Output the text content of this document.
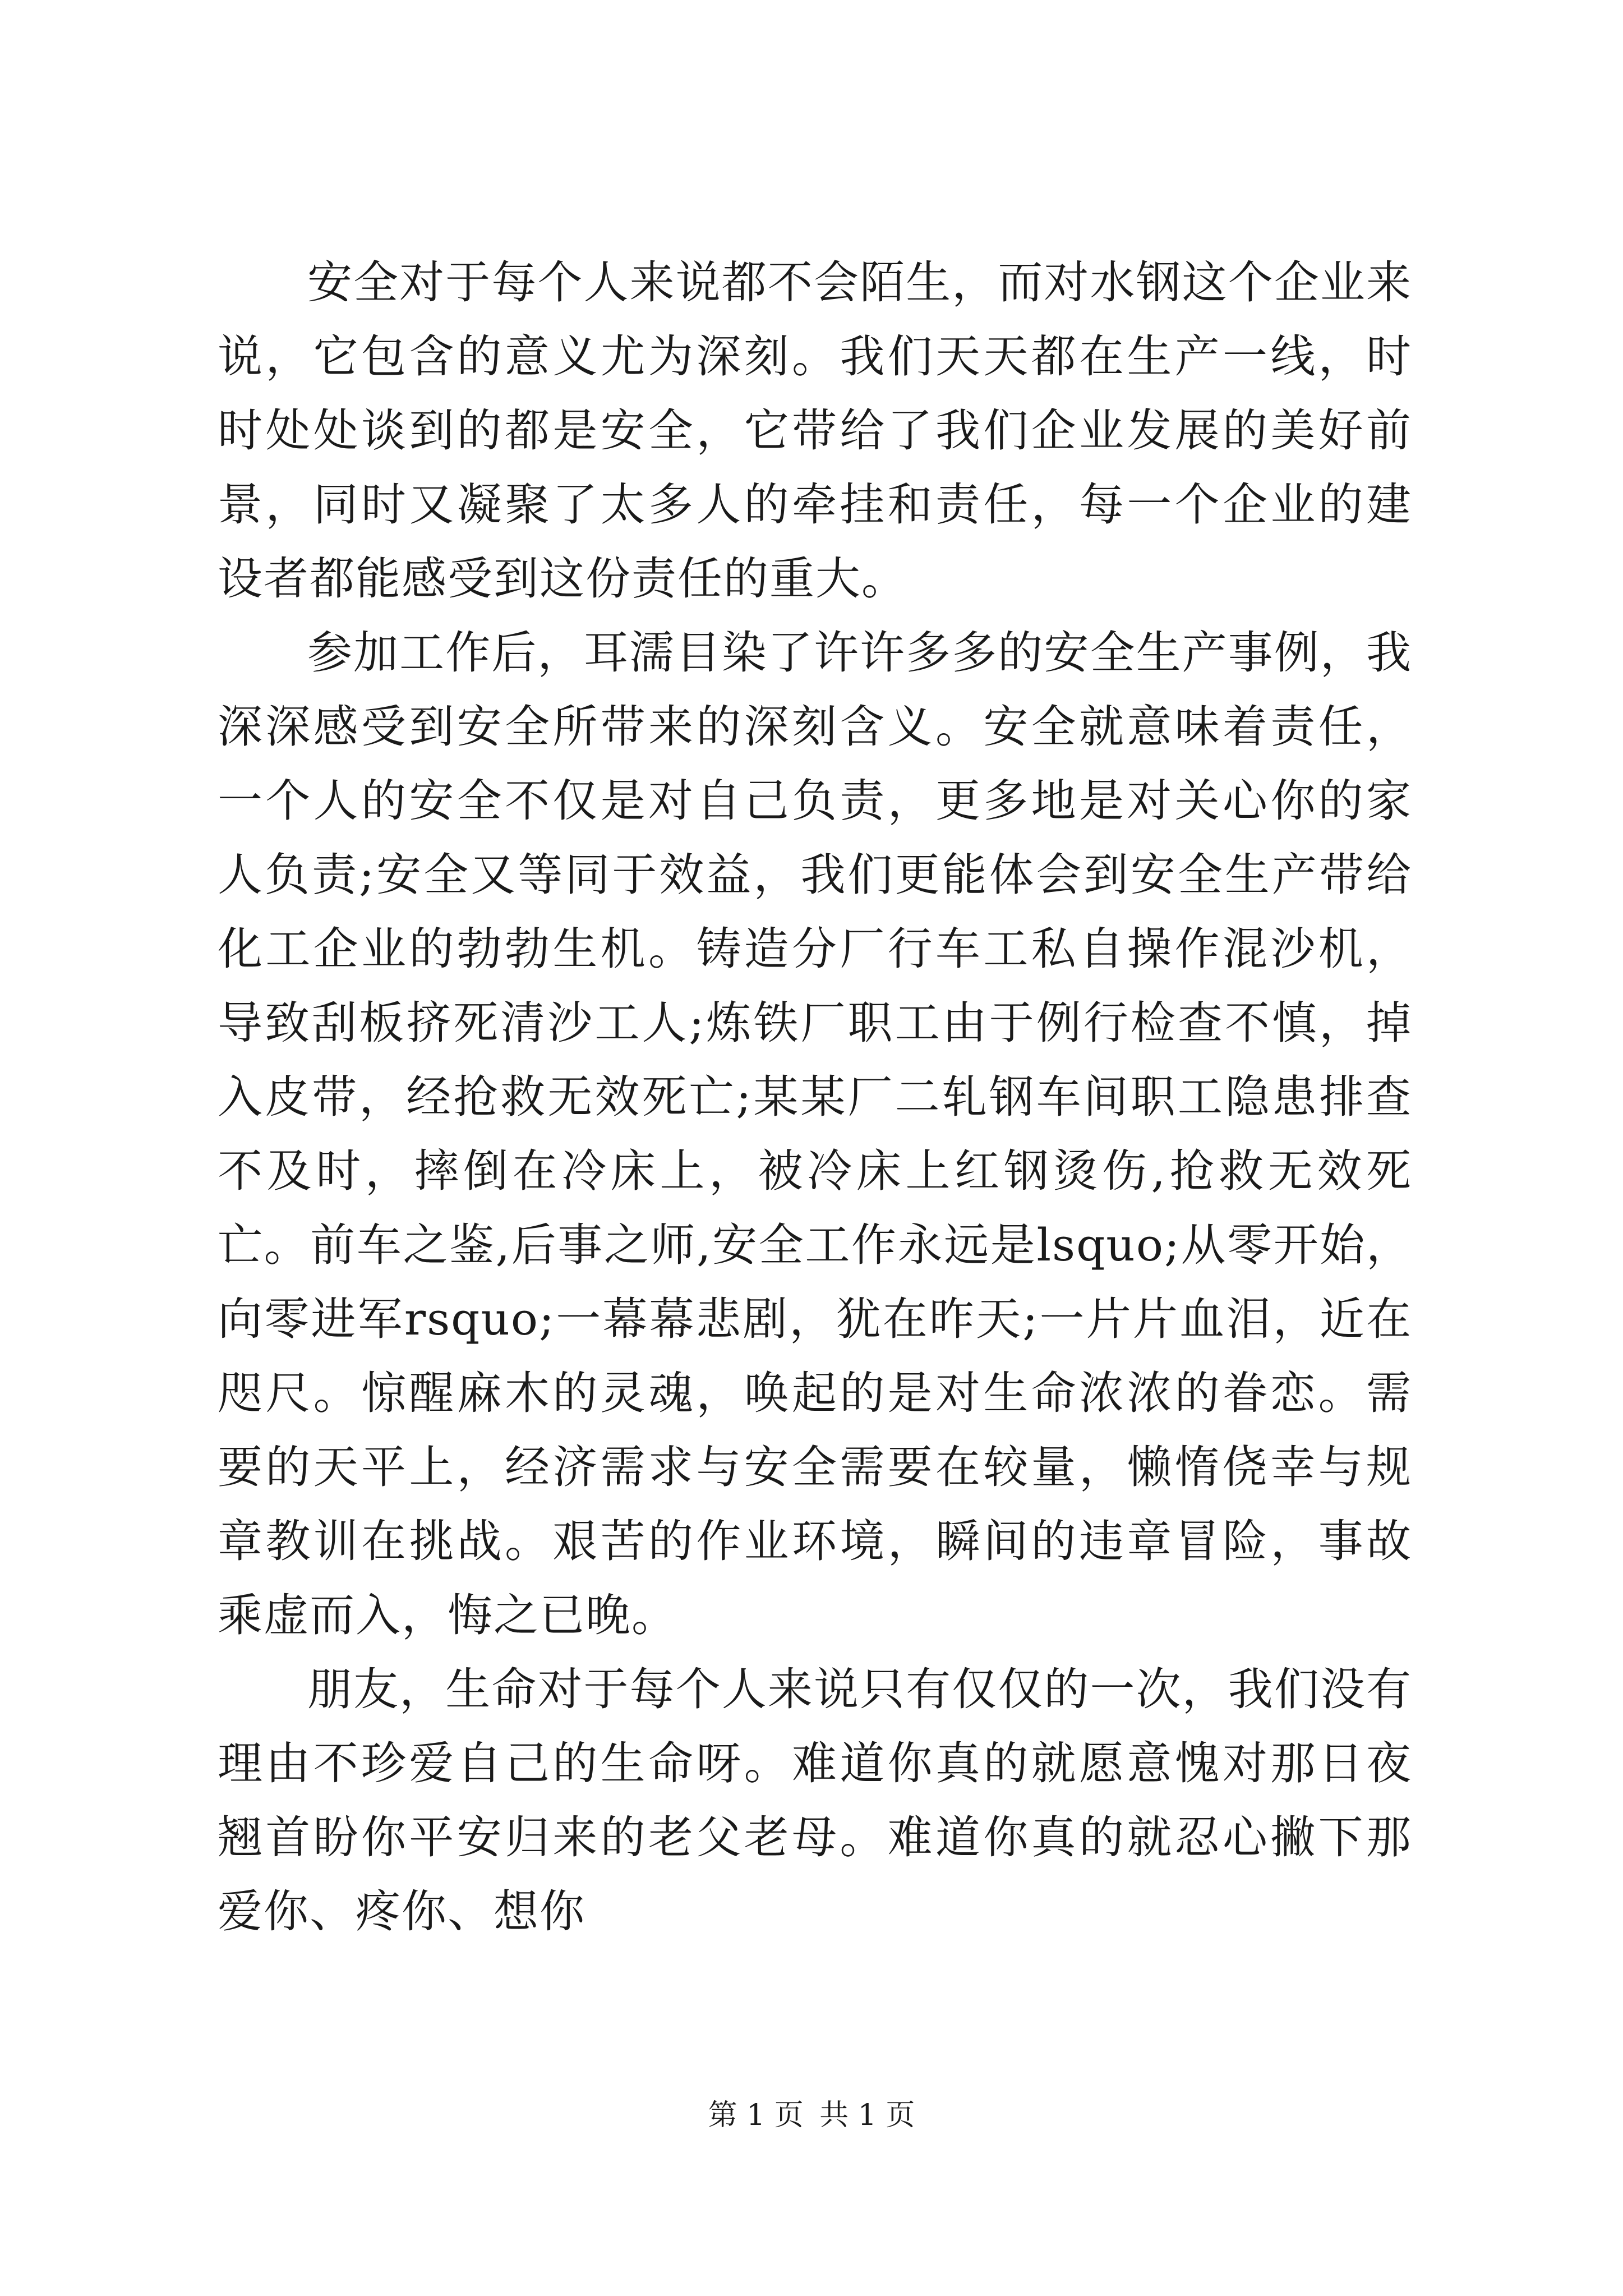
安全对于每个人来说都不会陌生，而对水钢这个企业来说，它包含的意义尤为深刻。我们天天都在生产一线，时时处处谈到的都是安全，它带给了我们企业发展的美好前景，同时又凝聚了太多人的牵挂和责任，每一个企业的建设者都能感受到这份责任的重大。

参加工作后，耳濡目染了许许多多的安全生产事例，我深深感受到安全所带来的深刻含义。安全就意味着责任，一个人的安全不仅是对自己负责，更多地是对关心你的家人负责;安全又等同于效益，我们更能体会到安全生产带给化工企业的勃勃生机。铸造分厂行车工私自操作混沙机，导致刮板挤死清沙工人;炼铁厂职工由于例行检查不慎，掉入皮带，经抢救无效死亡;某某厂二轧钢车间职工隐患排查不及时，摔倒在冷床上，被冷床上红钢烫伤,抢救无效死亡。前车之鉴,后事之师,安全工作永远是lsquo;从零开始，向零进军rsquo;一幕幕悲剧，犹在昨天;一片片血泪，近在咫尺。惊醒麻木的灵魂，唤起的是对生命浓浓的眷恋。需要的天平上，经济需求与安全需要在较量，懒惰侥幸与规章教训在挑战。艰苦的作业环境，瞬间的违章冒险，事故乘虚而入，悔之已晚。

朋友，生命对于每个人来说只有仅仅的一次，我们没有理由不珍爱自己的生命呀。难道你真的就愿意愧对那日夜翘首盼你平安归来的老父老母。难道你真的就忍心撇下那爱你、疼你、想你

第 1 页 共 1 页
